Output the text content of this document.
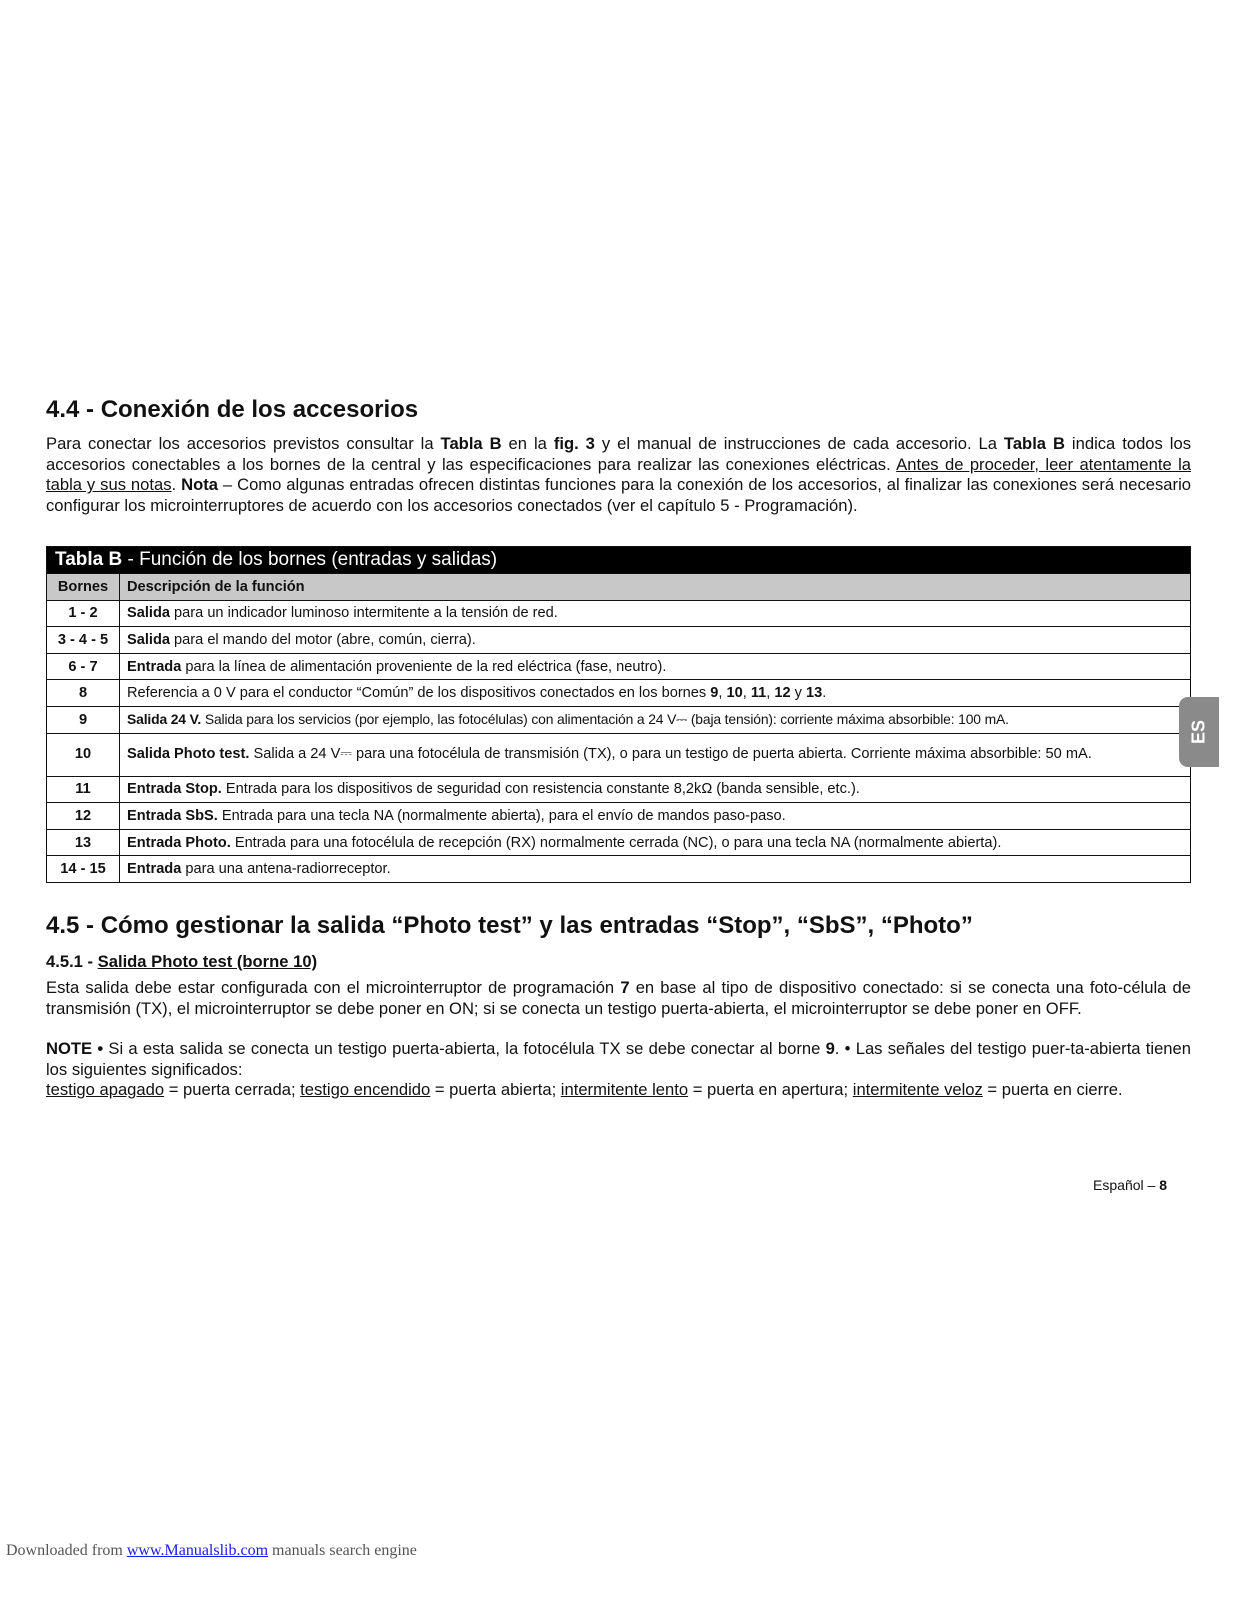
4.4 - Conexión de los accesorios

Para conectar los accesorios previstos consultar la Tabla B en la fig. 3 y el manual de instrucciones de cada accesorio. La Tabla B indica todos los accesorios conectables a los bornes de la central y las especificaciones para realizar las conexiones eléctricas. Antes de proceder, leer atentamente la tabla y sus notas. Nota – Como algunas entradas ofrecen distintas funciones para la conexión de los accesorios, al finalizar las conexiones será necesario configurar los microinterruptores de acuerdo con los accesorios conectados (ver el capítulo 5 - Programación).

Tabla B - Función de los bornes (entradas y salidas)	
Bornes	Descripción de la función
1 - 2	Salida para un indicador luminoso intermitente a la tensión de red.
3 - 4 - 5	Salida para el mando del motor (abre, común, cierra).
6 - 7	Entrada para la línea de alimentación proveniente de la red eléctrica (fase, neutro).
8	Referencia a 0 V para el conductor “Común” de los dispositivos conectados en los bornes 9, 10, 11, 12 y 13.
9	Salida 24 V. Salida para los servicios (por ejemplo, las fotocélulas) con alimentación a 24 V⎓ (baja tensión): corriente máxima absorbible: 100 mA.
10	Salida Photo test. Salida a 24 V⎓ para una fotocélula de transmisión (TX), o para un testigo de puerta abierta. Corriente máxima absorbible: 50 mA.
11	Entrada Stop. Entrada para los dispositivos de seguridad con resistencia constante 8,2kΩ (banda sensible, etc.).
12	Entrada SbS. Entrada para una tecla NA (normalmente abierta), para el envío de mandos paso-paso.
13	Entrada Photo. Entrada para una fotocélula de recepción (RX) normalmente cerrada (NC), o para una tecla NA (normalmente abierta).
14 - 15	Entrada para una antena-radiorreceptor.
4.5 - Cómo gestionar la salida “Photo test” y las entradas “Stop”, “SbS”, “Photo”
4.5.1 - Salida Photo test (borne 10)

Esta salida debe estar configurada con el microinterruptor de programación 7 en base al tipo de dispositivo conectado: si se conecta una foto-célula de transmisión (TX), el microinterruptor se debe poner en ON; si se conecta un testigo puerta-abierta, el microinterruptor se debe poner en OFF.

NOTE • Si a esta salida se conecta un testigo puerta-abierta, la fotocélula TX se debe conectar al borne 9. • Las señales del testigo puer-ta-abierta tienen los siguientes significados:
testigo apagado = puerta cerrada; testigo encendido = puerta abierta; intermitente lento = puerta en apertura; intermitente veloz = puerta en cierre.

ES
Español – 8
Downloaded from www.Manualslib.com manuals search engine
